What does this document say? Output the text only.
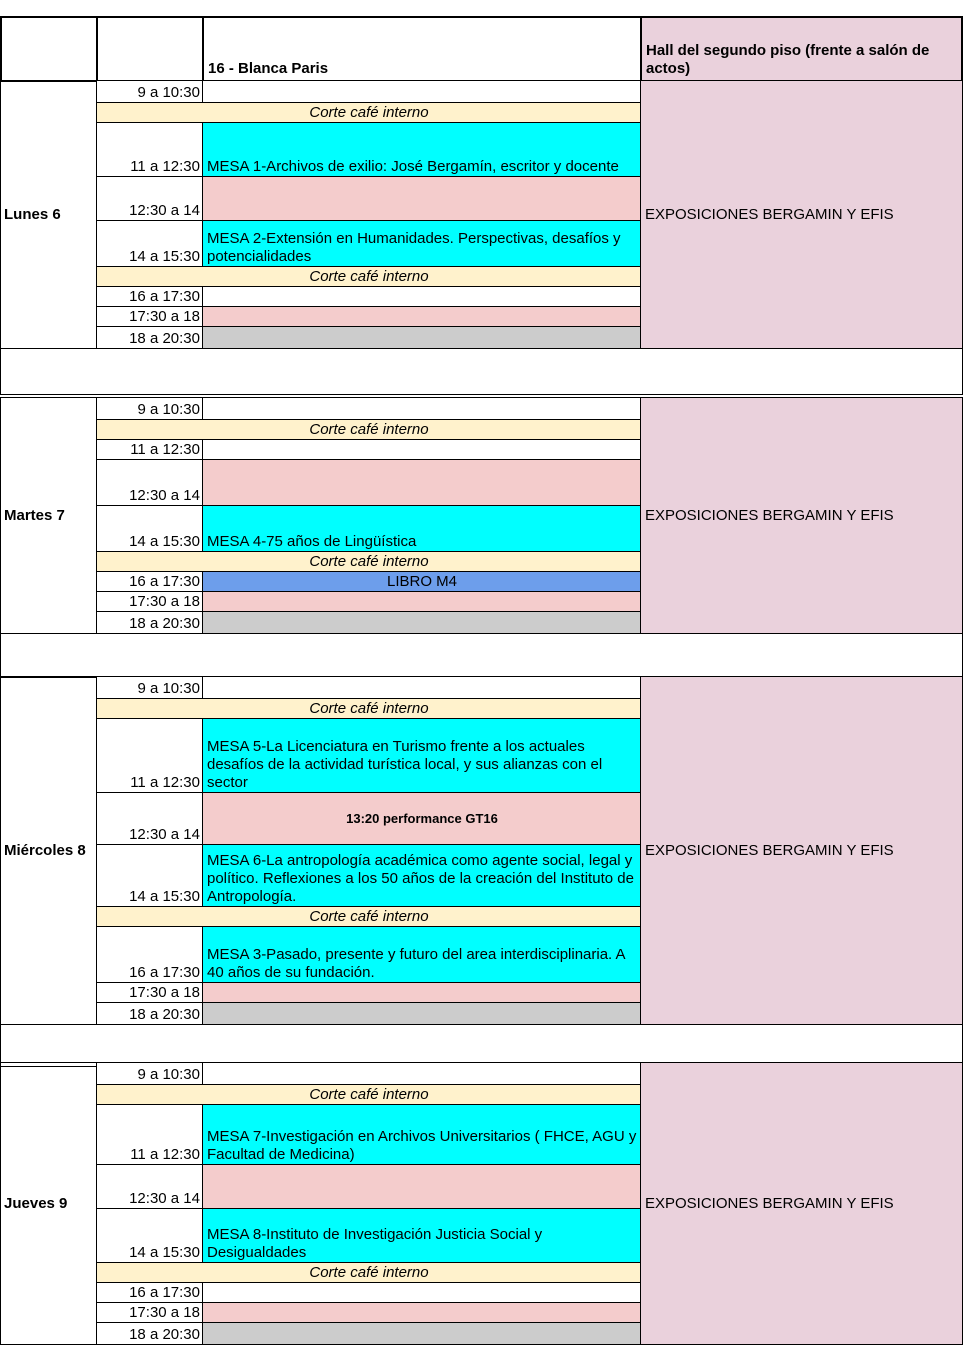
16 - Blanca Paris
Hall del segundo piso (frente a salón de actos)
Lunes 6
9 a 10:30
Corte café interno
11 a 12:30 MESA 1-Archivos de exilio: José Bergamín, escritor y docente
12:30 a 14
14 a 15:30
MESA 2-Extensión en Humanidades. Perspectivas, desafíos y potencialidades
Corte café interno
16 a 17:30
17:30 a 18
18 a 20:30
EXPOSICIONES BERGAMIN Y EFIS
Martes 7
9 a 10:30
Corte café interno
11 a 12:30
12:30 a 14
14 a 15:30 MESA 4-75 años de Lingüística
Corte café interno
16 a 17:30	LIBRO M4
17:30 a 18
18 a 20:30
EXPOSICIONES BERGAMIN Y EFIS
Miércoles 8
9 a 10:30
Corte café interno
11 a 12:30
MESA 5-La Licenciatura en Turismo frente a los actuales desafíos de la actividad turística local, y sus alianzas con el sector
12:30 a 14
13:20 performance GT16
14 a 15:30
MESA 6-La antropología académica como agente social, legal y político. Reflexiones a los 50 años de la creación del Instituto de Antropología.
Corte café interno
16 a 17:30
MESA 3-Pasado, presente y futuro del area interdisciplinaria. A 40 años de su fundación.
17:30 a 18
18 a 20:30
EXPOSICIONES BERGAMIN Y EFIS
Jueves 9
9 a 10:30
Corte café interno
11 a 12:30
MESA 7-Investigación en Archivos Universitarios ( FHCE, AGU y Facultad de Medicina)
12:30 a 14
14 a 15:30
MESA 8-Instituto de Investigación Justicia Social y Desigualdades
Corte café interno
16 a 17:30
17:30 a 18
18 a 20:30
EXPOSICIONES BERGAMIN Y EFIS
